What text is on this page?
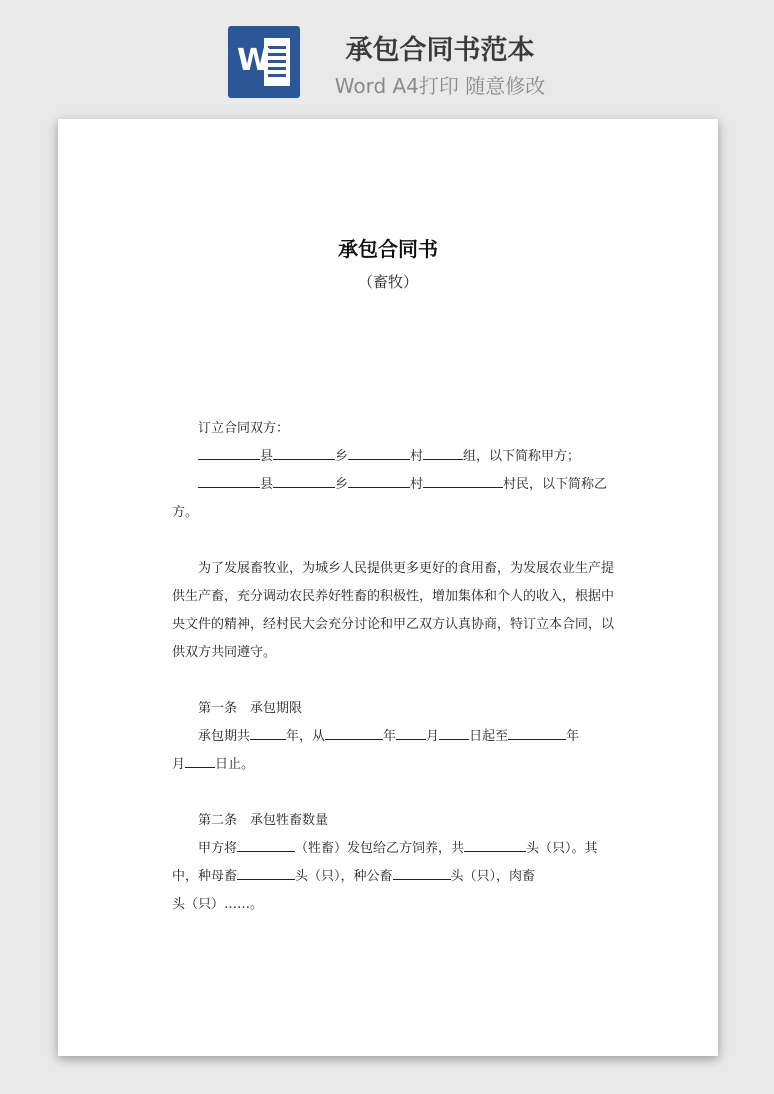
W	承包合同书范本
Word A4打印 随意修改

承包合同书
（畜牧）
订立合同双方：
县	乡	村	组，以下简称甲方；
县	乡	村	村民，以下简称乙
方。
为了发展畜牧业，为城乡人民提供更多更好的食用畜，为发展农业生产提
供生产畜，充分调动农民养好牲畜的积极性，增加集体和个人的收入，根据中
央文件的精神，经村民大会充分讨论和甲乙双方认真协商，特订立本合同，以
供双方共同遵守。
第一条　承包期限
承包期共	年，从	年 月 日起至	年
月 日止。
第二条　承包牲畜数量
甲方将	（牲畜）发包给乙方饲养，共	头（只）。其
中，种母畜	头（只），种公畜	头（只），肉畜
头（只）……。
